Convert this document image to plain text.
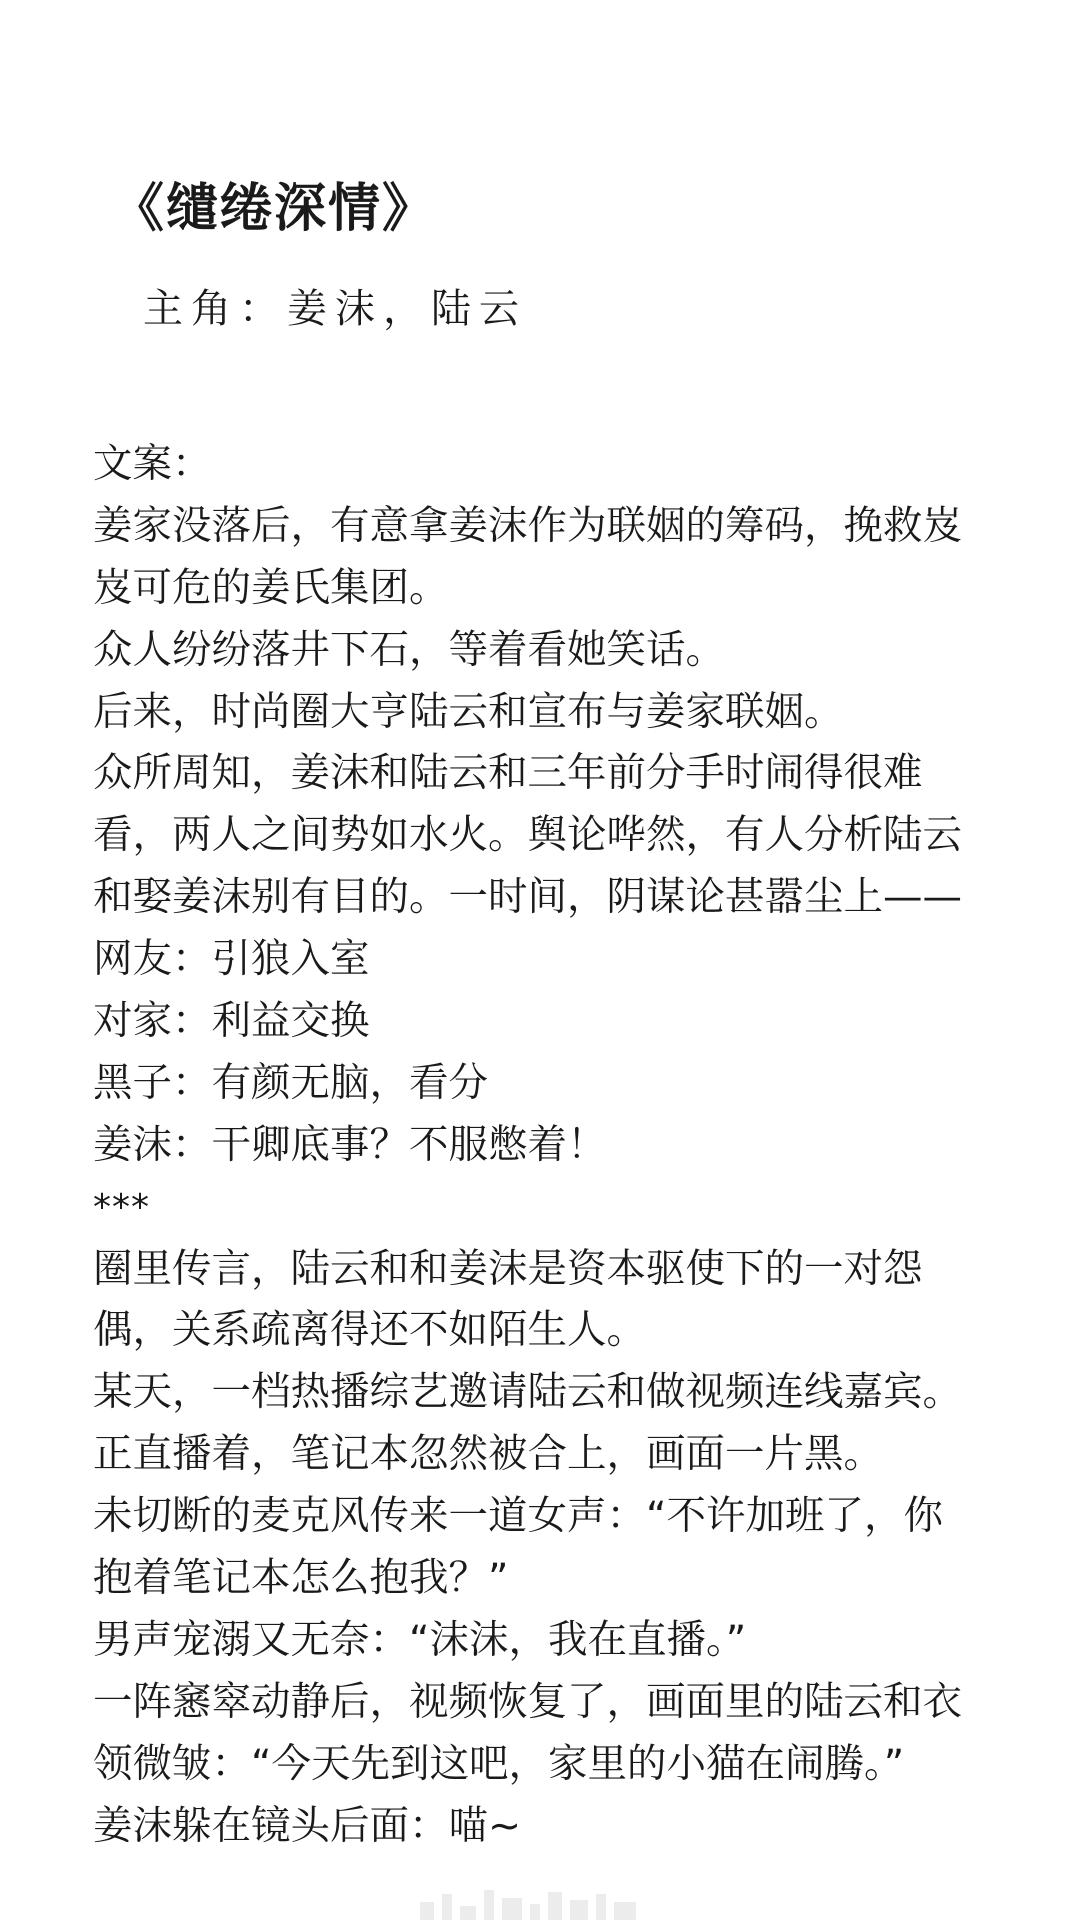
《缱绻深情》
主角：姜沫，陆云
文案：
姜家没落后，有意拿姜沫作为联姻的筹码，挽救岌
岌可危的姜氏集团。
众人纷纷落井下石，等着看她笑话。
后来，时尚圈大亨陆云和宣布与姜家联姻。
众所周知，姜沫和陆云和三年前分手时闹得很难
看，两人之间势如水火。舆论哗然，有人分析陆云
和娶姜沫别有目的。一时间，阴谋论甚嚣尘上——
网友：引狼入室
对家：利益交换
黑子：有颜无脑，看分
姜沫：干卿底事？不服憋着！
***
圈里传言，陆云和和姜沫是资本驱使下的一对怨
偶，关系疏离得还不如陌生人。
某天，一档热播综艺邀请陆云和做视频连线嘉宾。
正直播着，笔记本忽然被合上，画面一片黑。
未切断的麦克风传来一道女声：“不许加班了，你
抱着笔记本怎么抱我？”
男声宠溺又无奈：“沫沫，我在直播。”
一阵窸窣动静后，视频恢复了，画面里的陆云和衣
领微皱：“今天先到这吧，家里的小猫在闹腾。”
姜沫躲在镜头后面：喵~
